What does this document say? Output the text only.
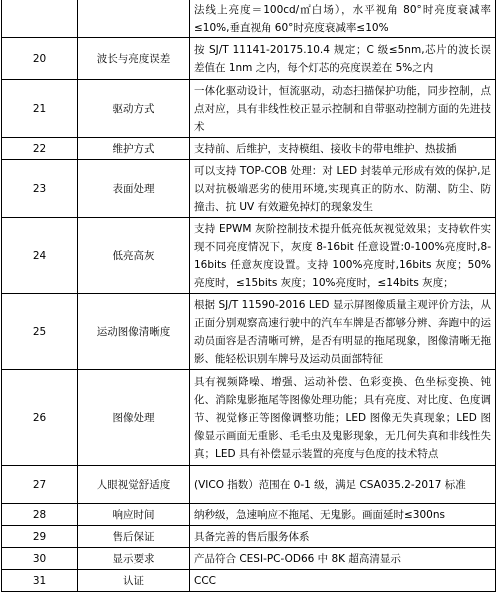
		法线上亮度＝100cd/㎡白场），水平视角 80°时亮度衰减率≤10%,垂直视角 60°时亮度衰减率≤10%
20	波长与亮度误差	按 SJ/T 11141-20175.10.4 规定；C 级≤5nm,芯片的波长误差值在 1nm 之内，每个灯芯的亮度误差在 5%之内
21	驱动方式	一体化驱动设计，恒流驱动，动态扫描保护功能，同步控制，点点对应，具有非线性校正显示控制和自带驱动控制方面的先进技术
22	维护方式	支持前、后维护，支持模组、接收卡的带电维护、热拔插
23	表面处理	可以支持 TOP-COB 处理：对 LED 封装单元形成有效的保护,足以对抗极端恶劣的使用环境,实现真正的防水、防潮、防尘、防撞击、抗 UV 有效避免掉灯的现象发生
24	低亮高灰	支持 EPWM 灰阶控制技术提升低亮低灰视觉效果；支持软件实现不同亮度情况下，灰度 8-16bit 任意设置:0-100%亮度时,8-16bits 任意灰度设置。支持 100%亮度时,16bits 灰度；50%亮度时，≤15bits 灰度；10%亮度时，≤14bits 灰度；
25	运动图像清晰度	根据 SJ/T 11590-2016 LED 显示屏图像质量主观评价方法，从正面分别观察高速行驶中的汽车车牌是否都够分辨、奔跑中的运动员面容是否清晰可辨，是否有明显的拖尾现象，图像清晰无拖影、能轻松识别车牌号及运动员面部特征
26	图像处理	具有视频降噪、增强、运动补偿、色彩变换、色坐标变换、钝化、消除鬼影拖尾等图像处理功能；具有亮度、对比度、色度调节、视觉修正等图像调整功能；LED 图像无失真现象；LED 图像显示画面无重影、毛毛虫及鬼影现象，无几何失真和非线性失真；LED 具有补偿显示装置的亮度与色度的技术特点
27	人眼视觉舒适度	(VICO 指数）范围在 0-1 级，满足 CSA035.2-2017 标准
28	响应时间	纳秒级，急速响应不拖尾、无鬼影。画面延时≤300ns
29	售后保证	具备完善的售后服务体系
30	显示要求	产品符合 CESI-PC-OD66 中 8K 超高清显示
31	认证	CCC
